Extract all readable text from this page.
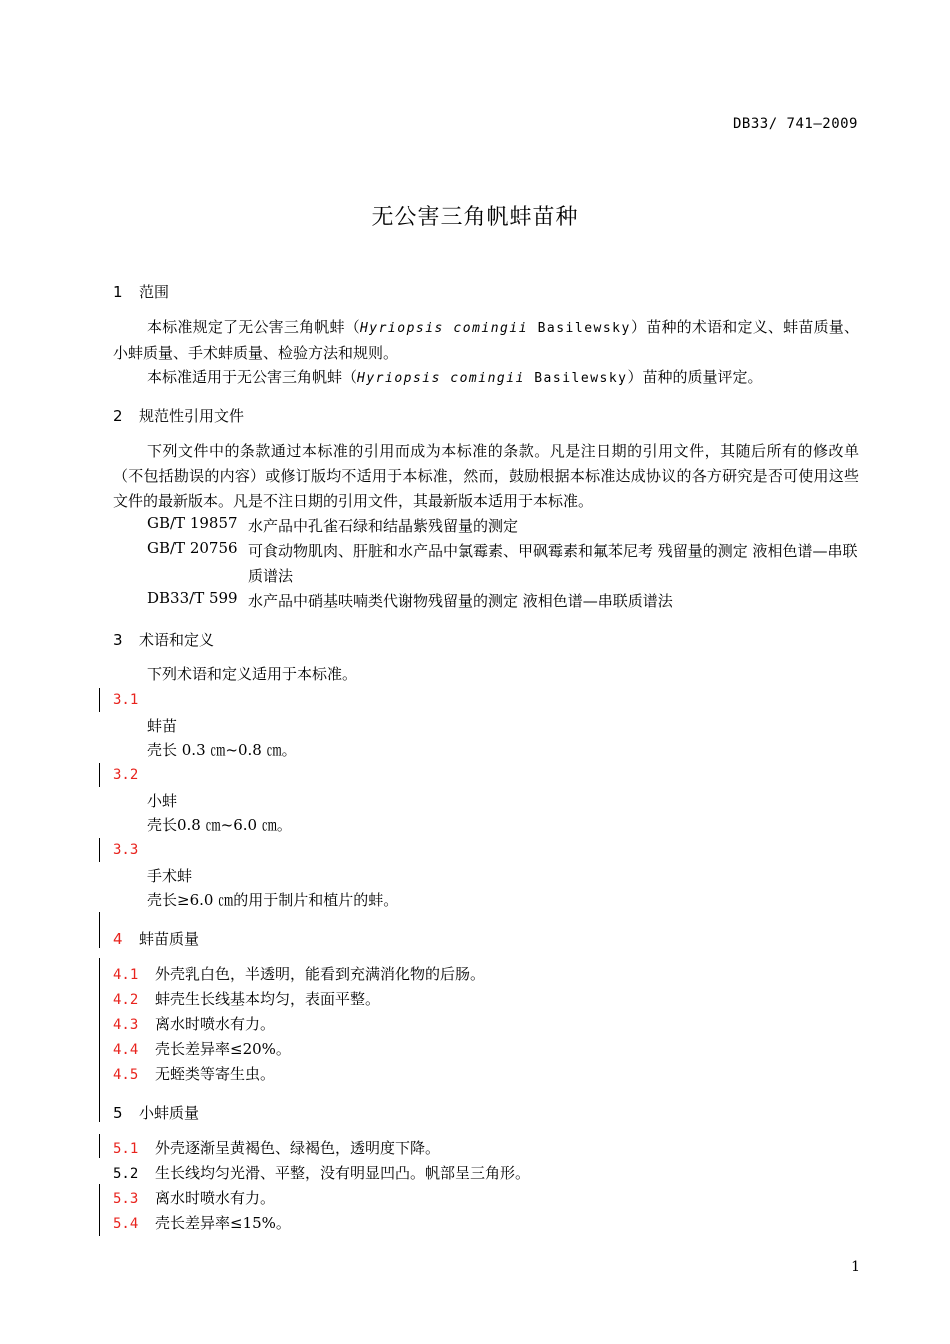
DB33/ 741—2009
无公害三角帆蚌苗种
1 范围
本标准规定了无公害三角帆蚌（Hyriopsis comingii Basilewsky）苗种的术语和定义、蚌苗质量、小蚌质量、手术蚌质量、检验方法和规则。
本标准适用于无公害三角帆蚌（Hyriopsis comingii Basilewsky）苗种的质量评定。
2 规范性引用文件
下列文件中的条款通过本标准的引用而成为本标准的条款。凡是注日期的引用文件，其随后所有的修改单（不包括勘误的内容）或修订版均不适用于本标准，然而，鼓励根据本标准达成协议的各方研究是否可使用这些文件的最新版本。凡是不注日期的引用文件，其最新版本适用于本标准。
GB/T 19857 水产品中孔雀石绿和结晶紫残留量的测定
GB/T 20756 可食动物肌肉、肝脏和水产品中氯霉素、甲砜霉素和氟苯尼考 残留量的测定 液相色谱—串联质谱法
DB33/T 599 水产品中硝基呋喃类代谢物残留量的测定 液相色谱—串联质谱法
3 术语和定义
下列术语和定义适用于本标准。
3.1
蚌苗
壳长 0.3 ㎝~0.8 ㎝。
3.2
小蚌
壳长0.8 ㎝~6.0 ㎝。
3.3
手术蚌
壳长≥6.0 ㎝的用于制片和植片的蚌。
4 蚌苗质量
4.1 外壳乳白色，半透明，能看到充满消化物的后肠。
4.2 蚌壳生长线基本均匀，表面平整。
4.3 离水时喷水有力。
4.4 壳长差异率≤20%。
4.5 无蛭类等寄生虫。
5 小蚌质量
5.1 外壳逐渐呈黄褐色、绿褐色，透明度下降。
5.2 生长线均匀光滑、平整，没有明显凹凸。帆部呈三角形。
5.3 离水时喷水有力。
5.4 壳长差异率≤15%。
1
